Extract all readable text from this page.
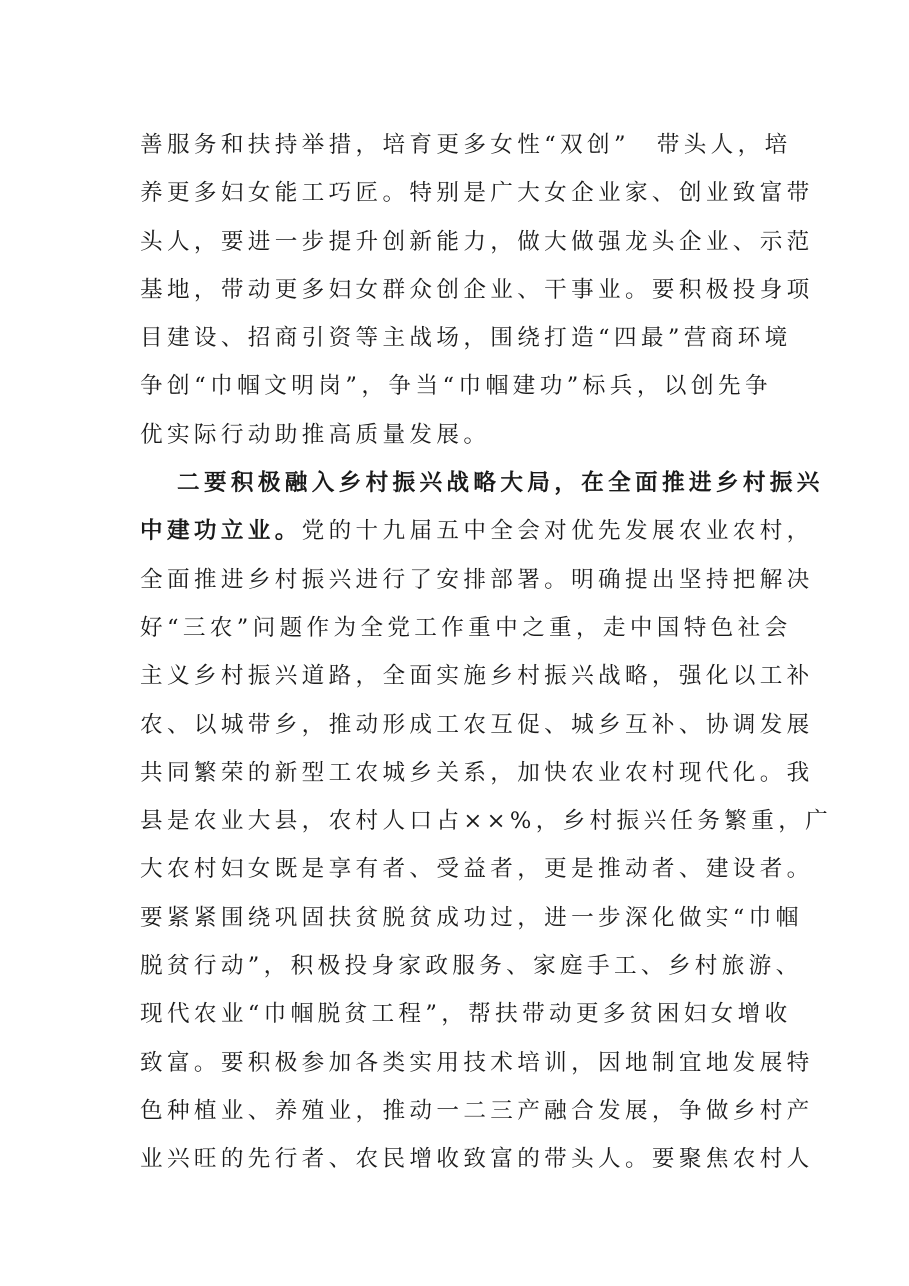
善服务和扶持举措，培育更多女性“双创”　带头人，培
养更多妇女能工巧匠。特别是广大女企业家、创业致富带
头人，要进一步提升创新能力，做大做强龙头企业、示范
基地，带动更多妇女群众创企业、干事业。要积极投身项
目建设、招商引资等主战场，围绕打造“四最”营商环境
争创“巾帼文明岗”，争当“巾帼建功”标兵，以创先争
优实际行动助推高质量发展。
二要积极融入乡村振兴战略大局，在全面推进乡村振兴
中建功立业。党的十九届五中全会对优先发展农业农村，
全面推进乡村振兴进行了安排部署。明确提出坚持把解决
好“三农”问题作为全党工作重中之重，走中国特色社会
主义乡村振兴道路，全面实施乡村振兴战略，强化以工补
农、以城带乡，推动形成工农互促、城乡互补、协调发展
共同繁荣的新型工农城乡关系，加快农业农村现代化。我
县是农业大县，农村人口占××%，乡村振兴任务繁重，广
大农村妇女既是享有者、受益者，更是推动者、建设者。
要紧紧围绕巩固扶贫脱贫成功过，进一步深化做实“巾帼
脱贫行动”，积极投身家政服务、家庭手工、乡村旅游、
现代农业“巾帼脱贫工程”，帮扶带动更多贫困妇女增收
致富。要积极参加各类实用技术培训，因地制宜地发展特
色种植业、养殖业，推动一二三产融合发展，争做乡村产
业兴旺的先行者、农民增收致富的带头人。要聚焦农村人
